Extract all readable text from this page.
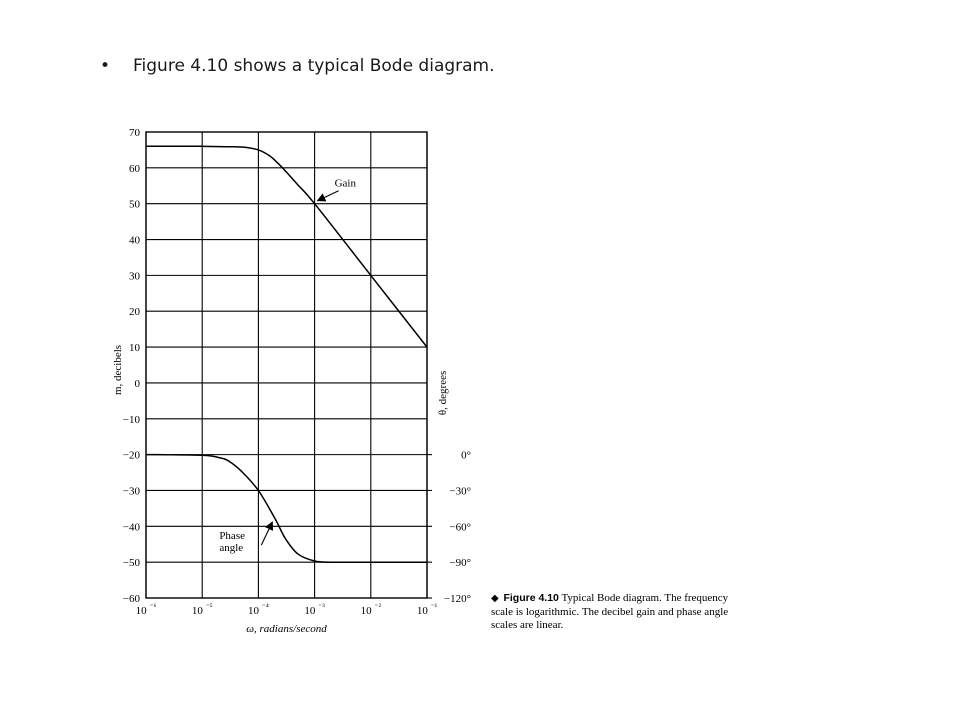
• Figure 4.10 shows a typical Bode diagram.
70
60
50
40
30
20
10
0
−10
−20
−30
−40
−50
−60
10 $^{^{-6}}$	10 $^{^{-5}}$	10 $^{^{-4}}$	10 $^{^{-3}}$	10 $^{^{-2}}$	10 $^{^{-1}}$
0°
−30°
−60°
−90°
−120°
ω, radians/second
m, decibels	θ, degrees
Gain
Phase
angle
◆ Figure 4.10 Typical Bode diagram. The frequency scale is logarithmic. The decibel gain and phase angle scales are linear.
